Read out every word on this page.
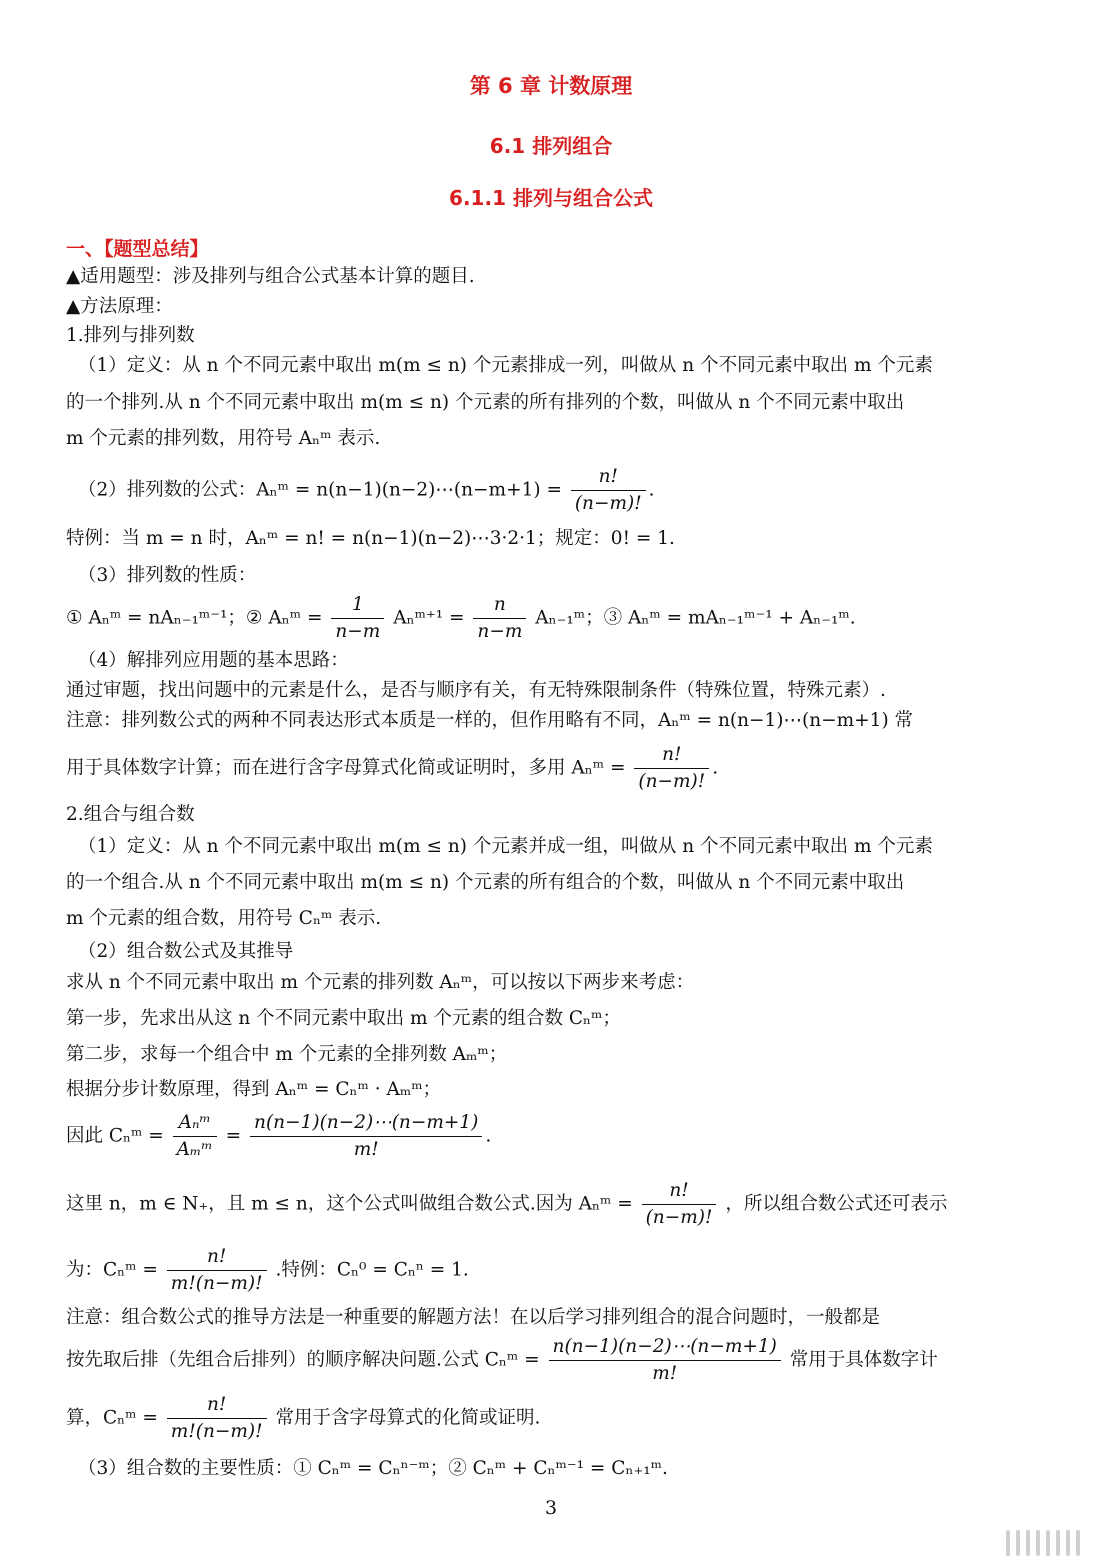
第 6 章 计数原理
6.1 排列组合
6.1.1 排列与组合公式
一、【题型总结】
▲适用题型：涉及排列与组合公式基本计算的题目.
▲方法原理：
1.排列与排列数
（1）定义：从 n 个不同元素中取出 m(m ≤ n) 个元素排成一列，叫做从 n 个不同元素中取出 m 个元素
的一个排列.从 n 个不同元素中取出 m(m ≤ n) 个元素的所有排列的个数，叫做从 n 个不同元素中取出
m 个元素的排列数，用符号 Aₙᵐ 表示.
（2）排列数的公式：Aₙᵐ = n(n−1)(n−2)⋯(n−m+1) = $\frac{n!}{(n-m)!}$ .
特例：当 m = n 时，Aₙᵐ = n! = n(n−1)(n−2)⋯3·2·1；规定：0! = 1.
（3）排列数的性质：
① Aₙᵐ = nAₙ₋₁ᵐ⁻¹；② Aₙᵐ = $\frac{1}{n-m}$ Aₙᵐ⁺¹ = $\frac{n}{n-m}$ Aₙ₋₁ᵐ；③ Aₙᵐ = mAₙ₋₁ᵐ⁻¹ + Aₙ₋₁ᵐ.
（4）解排列应用题的基本思路：
通过审题，找出问题中的元素是什么，是否与顺序有关，有无特殊限制条件（特殊位置，特殊元素）.
注意：排列数公式的两种不同表达形式本质是一样的，但作用略有不同，Aₙᵐ = n(n−1)⋯(n−m+1) 常
用于具体数字计算；而在进行含字母算式化简或证明时，多用 Aₙᵐ = $\frac{n!}{(n-m)!}$ .
2.组合与组合数
（1）定义：从 n 个不同元素中取出 m(m ≤ n) 个元素并成一组，叫做从 n 个不同元素中取出 m 个元素
的一个组合.从 n 个不同元素中取出 m(m ≤ n) 个元素的所有组合的个数，叫做从 n 个不同元素中取出
m 个元素的组合数，用符号 Cₙᵐ 表示.
（2）组合数公式及其推导
求从 n 个不同元素中取出 m 个元素的排列数 Aₙᵐ，可以按以下两步来考虑：
第一步，先求出从这 n 个不同元素中取出 m 个元素的组合数 Cₙᵐ；
第二步，求每一个组合中 m 个元素的全排列数 Aₘᵐ；
根据分步计数原理，得到 Aₙᵐ = Cₙᵐ · Aₘᵐ；
因此 Cₙᵐ = $\frac{\text{Aₙᵐ}}{\text{Aₘᵐ}} = \frac{n(n-1)(n-2)\cdots(n-m+1)}{m!}$ .
这里 n，m ∈ N₊，且 m ≤ n，这个公式叫做组合数公式.因为 Aₙᵐ = $\frac{n!}{(n-m)!}$ ，所以组合数公式还可表示
为：Cₙᵐ = $\frac{n!}{m!(n-m)!}$ .特例：Cₙ⁰ = Cₙⁿ = 1.
注意：组合数公式的推导方法是一种重要的解题方法！在以后学习排列组合的混合问题时，一般都是
按先取后排（先组合后排列）的顺序解决问题.公式 Cₙᵐ = $\frac{n(n-1)(n-2)\cdots(n-m+1)}{m!}$ 常用于具体数字计
算，Cₙᵐ = $\frac{n!}{m!(n-m)!}$ 常用于含字母算式的化简或证明.
（3）组合数的主要性质：① Cₙᵐ = Cₙⁿ⁻ᵐ；② Cₙᵐ + Cₙᵐ⁻¹ = Cₙ₊₁ᵐ.
3
